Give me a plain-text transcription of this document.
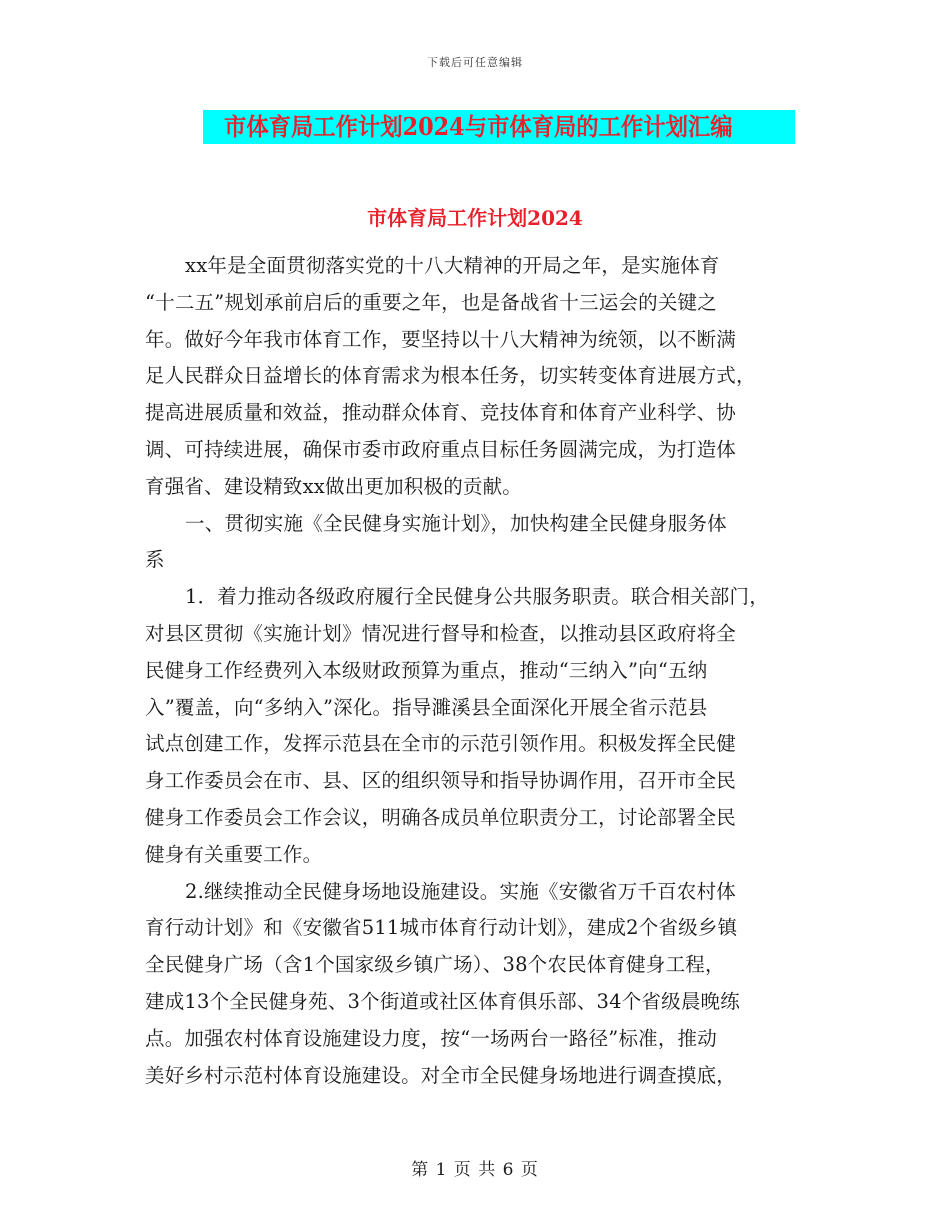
下载后可任意编辑
市体育局工作计划2024与市体育局的工作计划汇编
市体育局工作计划2024
xx年是全面贯彻落实党的十八大精神的开局之年，是实施体育
“十二五”规划承前启后的重要之年，也是备战省十三运会的关键之
年。做好今年我市体育工作，要坚持以十八大精神为统领，以不断满
足人民群众日益增长的体育需求为根本任务，切实转变体育进展方式，
提高进展质量和效益，推动群众体育、竞技体育和体育产业科学、协
调、可持续进展，确保市委市政府重点目标任务圆满完成，为打造体
育强省、建设精致xx做出更加积极的贡献。
一、贯彻实施《全民健身实施计划》，加快构建全民健身服务体
系
1．着力推动各级政府履行全民健身公共服务职责。联合相关部门，
对县区贯彻《实施计划》情况进行督导和检查，以推动县区政府将全
民健身工作经费列入本级财政预算为重点，推动“三纳入”向“五纳
入”覆盖，向“多纳入”深化。指导濉溪县全面深化开展全省示范县
试点创建工作，发挥示范县在全市的示范引领作用。积极发挥全民健
身工作委员会在市、县、区的组织领导和指导协调作用，召开市全民
健身工作委员会工作会议，明确各成员单位职责分工，讨论部署全民
健身有关重要工作。
2.继续推动全民健身场地设施建设。实施《安徽省万千百农村体
育行动计划》和《安徽省511城市体育行动计划》，建成2个省级乡镇
全民健身广场（含1个国家级乡镇广场）、38个农民体育健身工程，
建成13个全民健身苑、3个街道或社区体育俱乐部、34个省级晨晚练
点。加强农村体育设施建设力度，按“一场两台一路径”标准，推动
美好乡村示范村体育设施建设。对全市全民健身场地进行调查摸底，
第 1 页 共 6 页
